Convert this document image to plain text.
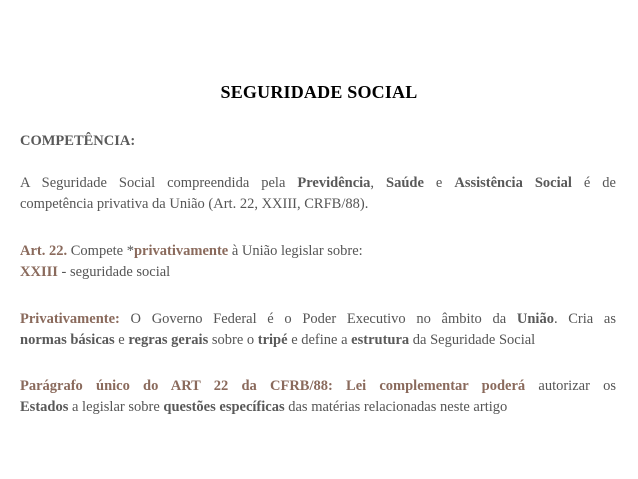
SEGURIDADE SOCIAL
COMPETÊNCIA:
A Seguridade Social compreendida pela Previdência, Saúde e Assistência Social é de
competência privativa da União (Art. 22, XXIII, CRFB/88).
Art. 22. Compete *privativamente à União legislar sobre:
XXIII - seguridade social
Privativamente: O Governo Federal é o Poder Executivo no âmbito da União. Cria as
normas básicas e regras gerais sobre o tripé e define a estrutura da Seguridade Social
Parágrafo único do ART 22 da CFRB/88: Lei complementar poderá autorizar os
Estados a legislar sobre questões específicas das matérias relacionadas neste artigo
